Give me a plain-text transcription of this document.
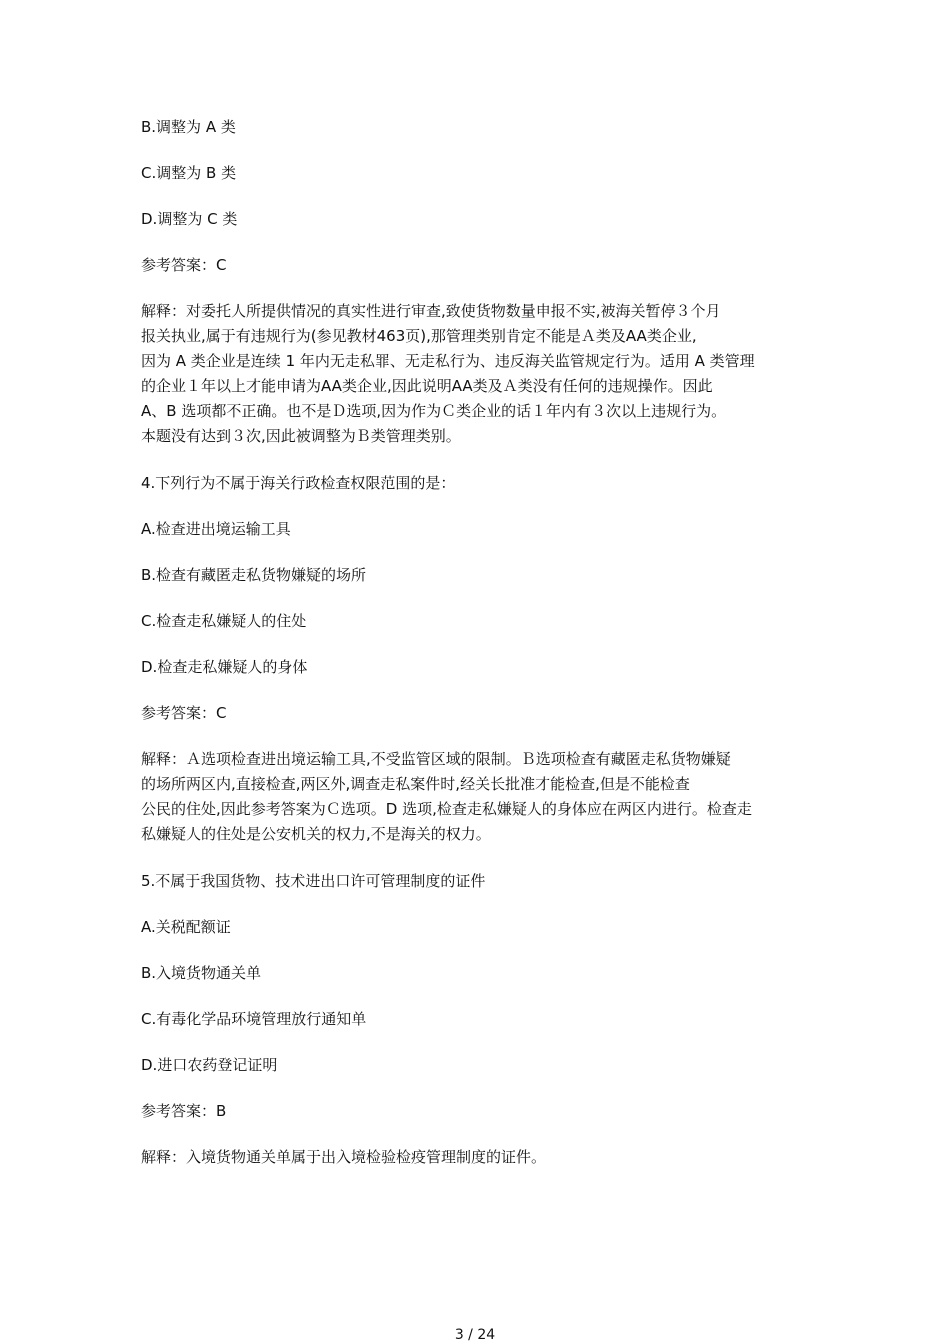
B.调整为 A 类
C.调整为 B 类
D.调整为 C 类
参考答案：C
解释：对委托人所提供情况的真实性进行审查,致使货物数量申报不实,被海关暂停３个月
报关执业,属于有违规行为(参见教材463页),那管理类别肯定不能是Ａ类及AA类企业,
因为 A 类企业是连续 1 年内无走私罪、无走私行为、违反海关监管规定行为。适用 A 类管理
的企业１年以上才能申请为AA类企业,因此说明AA类及Ａ类没有任何的违规操作。因此
A、B 选项都不正确。也不是Ｄ选项,因为作为Ｃ类企业的话１年内有３次以上违规行为。
本题没有达到３次,因此被调整为Ｂ类管理类别。
4.下列行为不属于海关行政检查权限范围的是：
A.检查进出境运输工具
B.检查有藏匿走私货物嫌疑的场所
C.检查走私嫌疑人的住处
D.检查走私嫌疑人的身体
参考答案：C
解释：Ａ选项检查进出境运输工具,不受监管区域的限制。Ｂ选项检查有藏匿走私货物嫌疑
的场所两区内,直接检查,两区外,调查走私案件时,经关长批准才能检查,但是不能检查
公民的住处,因此参考答案为Ｃ选项。D 选项,检查走私嫌疑人的身体应在两区内进行。检查走
私嫌疑人的住处是公安机关的权力,不是海关的权力。
5.不属于我国货物、技术进出口许可管理制度的证件
A.关税配额证
B.入境货物通关单
C.有毒化学品环境管理放行通知单
D.进口农药登记证明
参考答案：B
解释：入境货物通关单属于出入境检验检疫管理制度的证件。
3 / 24
